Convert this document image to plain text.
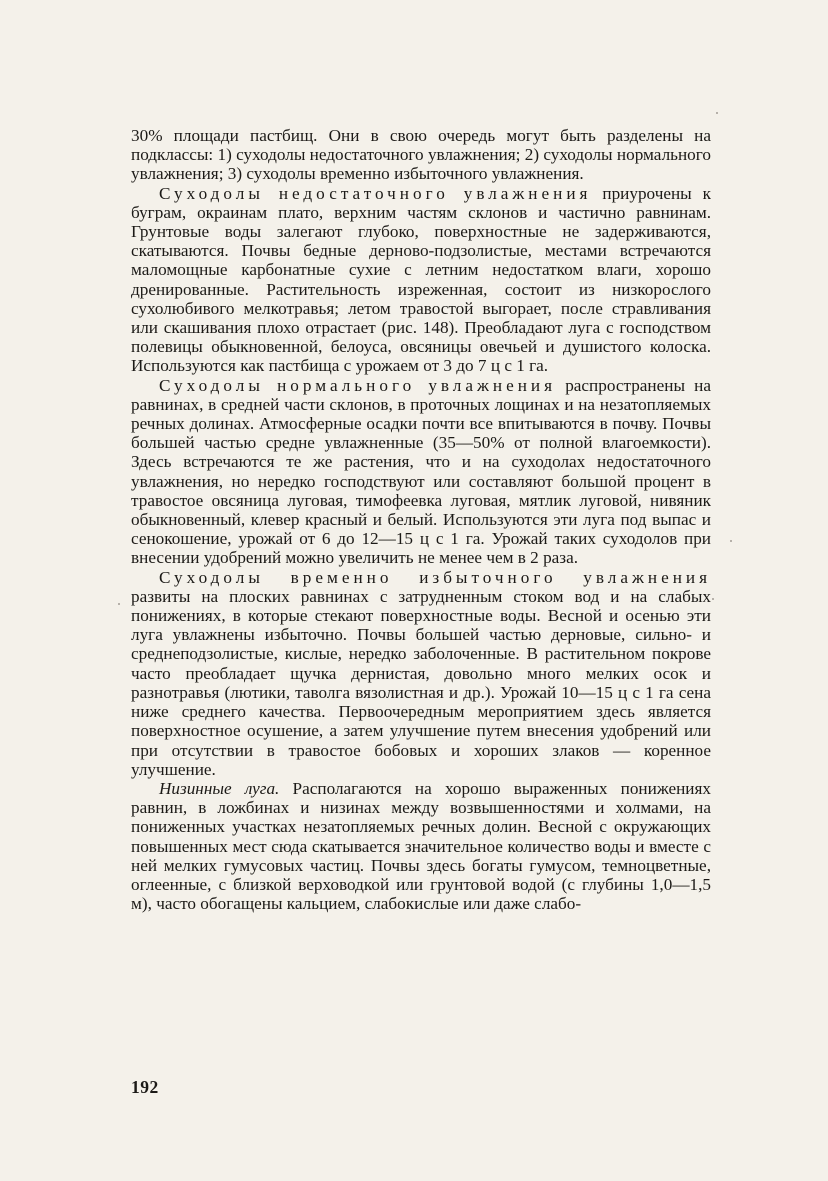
30% площади пастбищ. Они в свою очередь могут быть разделены на подклассы: 1) суходолы недостаточного увлажнения; 2) суходолы нормального увлажнения; 3) суходолы временно избыточного увлажнения.

Суходолы недостаточного увлажнения приурочены к буграм, окраинам плато, верхним частям склонов и частично равнинам. Грунтовые воды залегают глубоко, поверхностные не задерживаются, скатываются. Почвы бедные дерново-подзолистые, местами встречаются маломощные карбонатные сухие с летним недостатком влаги, хорошо дренированные. Растительность изреженная, состоит из низкорослого сухолюбивого мелкотравья; летом травостой выгорает, после стравливания или скашивания плохо отрастает (рис. 148). Преобладают луга с господством полевицы обыкновенной, белоуса, овсяницы овечьей и душистого колоска. Используются как пастбища с урожаем от 3 до 7 ц с 1 га.

Суходолы нормального увлажнения распространены на равнинах, в средней части склонов, в проточных лощинах и на незатопляемых речных долинах. Атмосферные осадки почти все впитываются в почву. Почвы большей частью средне увлажненные (35—50% от полной влагоемкости). Здесь встречаются те же растения, что и на суходолах недостаточного увлажнения, но нередко господствуют или составляют большой процент в травостое овсяница луговая, тимофеевка луговая, мятлик луговой, нивяник обыкновенный, клевер красный и белый. Используются эти луга под выпас и сенокошение, урожай от 6 до 12—15 ц с 1 га. Урожай таких суходолов при внесении удобрений можно увеличить не менее чем в 2 раза.

Суходолы временно избыточного увлажнения развиты на плоских равнинах с затрудненным стоком вод и на слабых понижениях, в которые стекают поверхностные воды. Весной и осенью эти луга увлажнены избыточно. Почвы большей частью дерновые, сильно- и среднеподзолистые, кислые, нередко заболоченные. В растительном покрове часто преобладает щучка дернистая, довольно много мелких осок и разнотравья (лютики, таволга вязолистная и др.). Урожай 10—15 ц с 1 га сена ниже среднего качества. Первоочередным мероприятием здесь является поверхностное осушение, а затем улучшение путем внесения удобрений или при отсутствии в травостое бобовых и хороших злаков — коренное улучшение.

Низинные луга. Располагаются на хорошо выраженных понижениях равнин, в ложбинах и низинах между возвышенностями и холмами, на пониженных участках незатопляемых речных долин. Весной с окружающих повышенных мест сюда скатывается значительное количество воды и вместе с ней мелких гумусовых частиц. Почвы здесь богаты гумусом, темноцветные, оглеенные, с близкой верховодкой или грунтовой водой (с глубины 1,0—1,5 м), часто обогащены кальцием, слабокислые или даже слабо-

192
